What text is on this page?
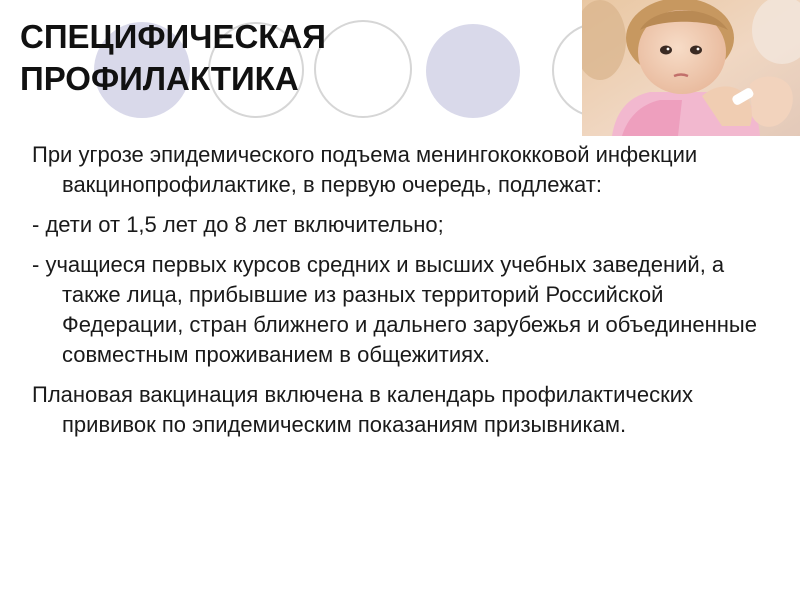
СПЕЦИФИЧЕСКАЯ
ПРОФИЛАКТИКА

При угрозе эпидемического подъема менингококковой инфекции вакцинопрофилактике, в первую очередь, подлежат:

- дети от 1,5 лет до 8 лет включительно;

- учащиеся первых курсов средних и высших учебных заведений, а также лица, прибывшие из разных территорий Российской Федерации, стран ближнего и дальнего зарубежья и объединенные совместным проживанием в общежитиях.

Плановая вакцинация включена в календарь профилактических прививок по эпидемическим показаниям призывникам.
